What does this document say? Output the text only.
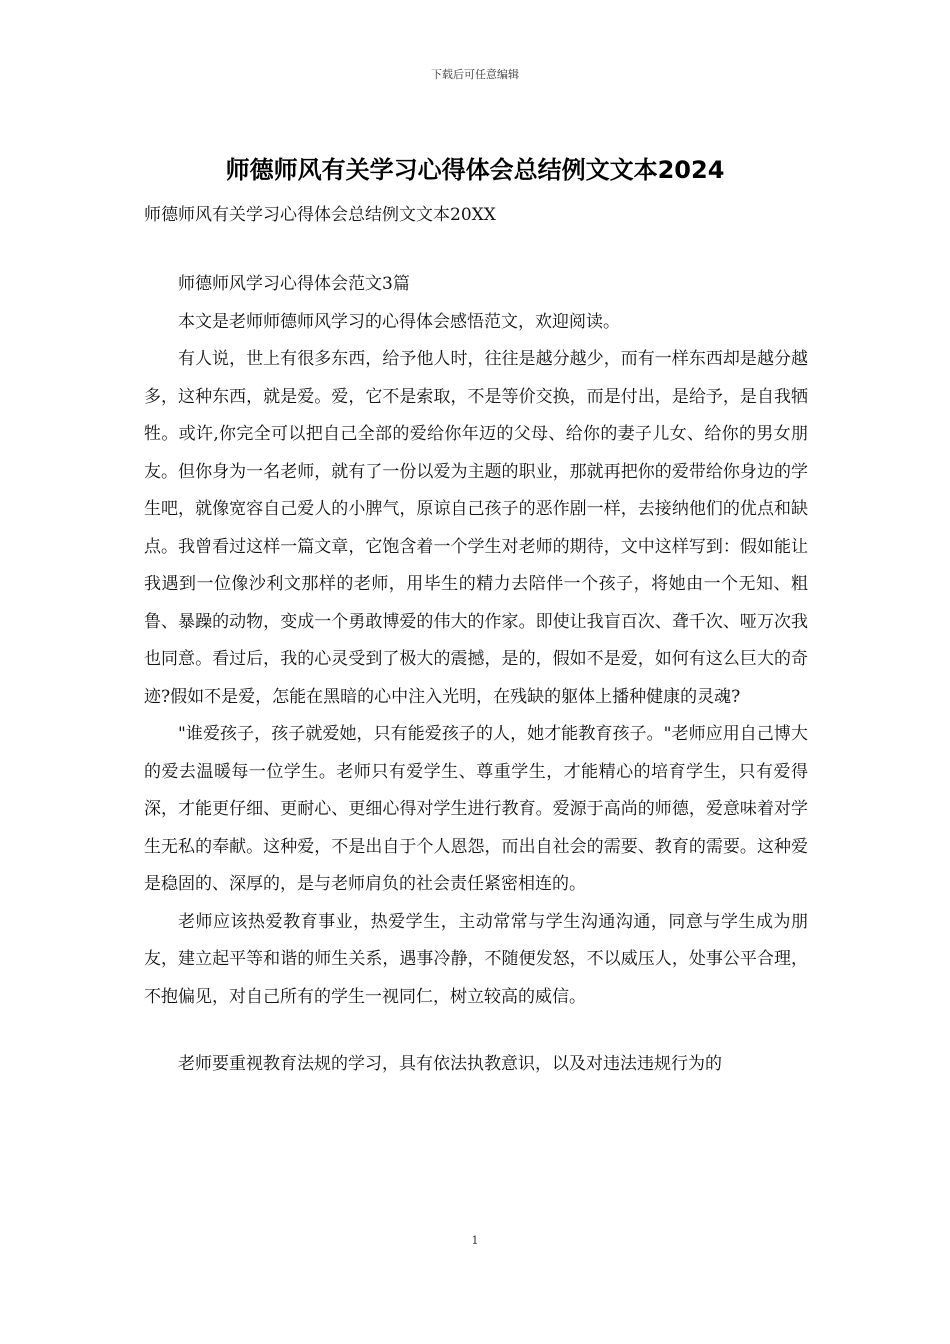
下载后可任意编辑
师德师风有关学习心得体会总结例文文本2024
师德师风有关学习心得体会总结例文文本20XX

师德师风学习心得体会范文3篇

本文是老师师德师风学习的心得体会感悟范文，欢迎阅读。

有人说，世上有很多东西，给予他人时，往往是越分越少，而有一样东西却是越分越多，这种东西，就是爱。爱，它不是索取，不是等价交换，而是付出，是给予，是自我牺牲。或许,你完全可以把自己全部的爱给你年迈的父母、给你的妻子儿女、给你的男女朋友。但你身为一名老师，就有了一份以爱为主题的职业，那就再把你的爱带给你身边的学生吧，就像宽容自己爱人的小脾气，原谅自己孩子的恶作剧一样，去接纳他们的优点和缺点。我曾看过这样一篇文章，它饱含着一个学生对老师的期待，文中这样写到：假如能让我遇到一位像沙利文那样的老师，用毕生的精力去陪伴一个孩子，将她由一个无知、粗鲁、暴躁的动物，变成一个勇敢博爱的伟大的作家。即使让我盲百次、聋千次、哑万次我也同意。看过后，我的心灵受到了极大的震撼，是的，假如不是爱，如何有这么巨大的奇迹?假如不是爱，怎能在黑暗的心中注入光明，在残缺的躯体上播种健康的灵魂?

"谁爱孩子，孩子就爱她，只有能爱孩子的人，她才能教育孩子。"老师应用自己博大的爱去温暖每一位学生。老师只有爱学生、尊重学生，才能精心的培育学生，只有爱得深，才能更仔细、更耐心、更细心得对学生进行教育。爱源于高尚的师德，爱意味着对学生无私的奉献。这种爱，不是出自于个人恩怨，而出自社会的需要、教育的需要。这种爱是稳固的、深厚的，是与老师肩负的社会责任紧密相连的。

老师应该热爱教育事业，热爱学生，主动常常与学生沟通沟通，同意与学生成为朋友，建立起平等和谐的师生关系，遇事冷静，不随便发怒，不以威压人，处事公平合理，不抱偏见，对自己所有的学生一视同仁，树立较高的威信。

老师要重视教育法规的学习，具有依法执教意识，以及对违法违规行为的

1
